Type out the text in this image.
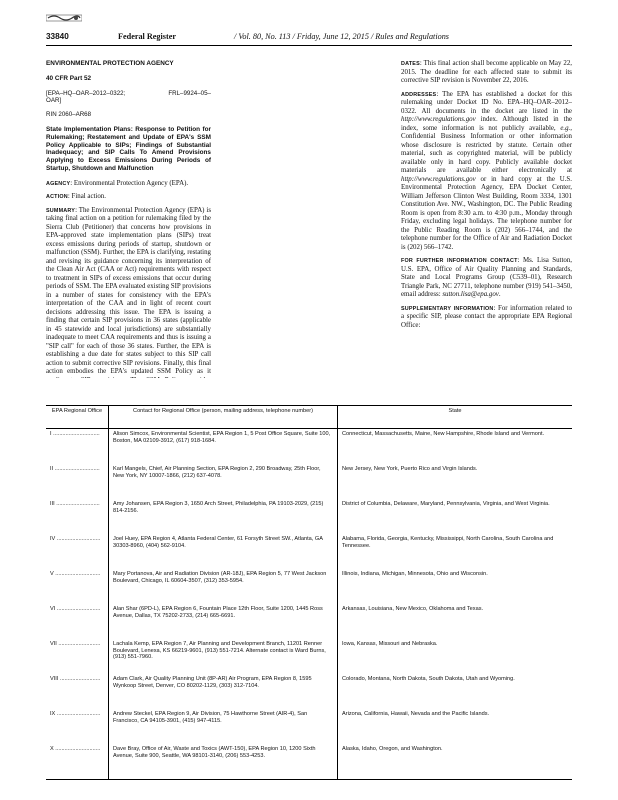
33840	Federal Register	/ Vol. 80, No. 113 / Friday, June 12, 2015 / Rules and Regulations
ENVIRONMENTAL PROTECTION AGENCY
40 CFR Part 52
[EPA–HQ–OAR–2012–0322;	FRL–9924–05–

OAR]
RIN 2060–AR68
State Implementation Plans: Response to Petition for Rulemaking; Restatement and Update of EPA's SSM Policy Applicable to SIPs; Findings of Substantial Inadequacy; and SIP Calls To Amend Provisions Applying to Excess Emissions During Periods of Startup, Shutdown and Malfunction

AGENCY: Environmental Protection Agency (EPA).

ACTION: Final action.

SUMMARY: The Environmental Protection Agency (EPA) is taking final action on a petition for rulemaking filed by the Sierra Club (Petitioner) that concerns how provisions in EPA-approved state implementation plans (SIPs) treat excess emissions during periods of startup, shutdown or malfunction (SSM). Further, the EPA is clarifying, restating and revising its guidance concerning its interpretation of the Clean Air Act (CAA or Act) requirements with respect to treatment in SIPs of excess emissions that occur during periods of SSM. The EPA evaluated existing SIP provisions in a number of states for consistency with the EPA's interpretation of the CAA and in light of recent court decisions addressing this issue. The EPA is issuing a finding that certain SIP provisions in 36 states (applicable in 45 statewide and local jurisdictions) are substantially inadequate to meet CAA requirements and thus is issuing a "SIP call" for each of those 36 states. Further, the EPA is establishing a due date for states subject to this SIP call action to submit corrective SIP revisions. Finally, this final action embodies the EPA's updated SSM Policy as it

DATES: This final action shall become applicable on May 22, 2015. The deadline for each affected state to submit its corrective SIP revision is November 22, 2016.

ADDRESSES: The EPA has established a docket for this rulemaking under Docket ID No. EPA–HQ–OAR–2012–0322. All documents in the docket are listed in the http://www.regulations.gov index. Although listed in the index, some information is not publicly available, e.g., Confidential Business Information or other information whose disclosure is restricted by statute. Certain other material, such as copyrighted material, will be publicly available only in hard copy. Publicly available docket materials are available either electronically at http://www.regulations.gov or in hard copy at the U.S. Environmental Protection Agency, EPA Docket Center, William Jefferson Clinton West Building, Room 3334, 1301 Constitution Ave. NW., Washington, DC. The Public Reading Room is open from 8:30 a.m. to 4:30 p.m., Monday through Friday, excluding legal holidays. The telephone number for the Public Reading Room is (202) 566–1744, and the telephone number for the Office of Air and Radiation Docket is (202) 566–1742.

FOR FURTHER INFORMATION CONTACT: Ms. Lisa Sutton, U.S. EPA, Office of Air Quality Planning and Standards, State and Local Programs Group (C539–01), Research Triangle Park, NC 27711, telephone number (919) 541–3450, email address: sutton.lisa@epa.gov.

SUPPLEMENTARY INFORMATION: For information related to a specific SIP, please contact the appropriate EPA Regional Office:

EPA Regional Office	Contact for Regional Office (person, mailing address, telephone number)	State
I ..............................	Alison Simcox, Environmental Scientist, EPA Region 1, 5 Post Office Square, Suite 100, Boston, MA 02109-3912, (617) 918-1684.	Connecticut, Massachusetts, Maine, New Hampshire, Rhode Island and Vermont.
II .............................	Karl Mangels, Chief, Air Planning Section, EPA Region 2, 290 Broadway, 25th Floor, New York, NY 10007-1866, (212) 637-4078.	New Jersey, New York, Puerto Rico and Virgin Islands.
III ............................	Amy Johansen, EPA Region 3, 1650 Arch Street, Philadelphia, PA 19103-2029, (215) 814-2156.	District of Columbia, Delaware, Maryland, Pennsylvania, Virginia, and West Virginia.
IV ............................	Joel Huey, EPA Region 4, Atlanta Federal Center, 61 Forsyth Street SW., Atlanta, GA 30303-8960, (404) 562-9104.	Alabama, Florida, Georgia, Kentucky, Mississippi, North Carolina, South Carolina and Tennessee.
V .............................	Mary Portanova, Air and Radiation Division (AR-18J), EPA Region 5, 77 West Jackson Boulevard, Chicago, IL 60604-3507, (312) 353-5954.	Illinois, Indiana, Michigan, Minnesota, Ohio and Wisconsin.
VI ............................	Alan Shar (6PD-L), EPA Region 6, Fountain Place 12th Floor, Suite 1200, 1445 Ross Avenue, Dallas, TX 75202-2733, (214) 665-6691.	Arkansas, Louisiana, New Mexico, Oklahoma and Texas.
VII ...........................	Lachala Kemp, EPA Region 7, Air Planning and Development Branch, 11201 Renner Boulevard, Lenexa, KS 66219-9601, (913) 551-7214. Alternate contact is Ward Burns, (913) 551-7960.	Iowa, Kansas, Missouri and Nebraska.
VIII ..........................	Adam Clark, Air Quality Planning Unit (8P-AR) Air Program, EPA Region 8, 1595 Wynkoop Street, Denver, CO 80202-1129, (303) 312-7104.	Colorado, Montana, North Dakota, South Dakota, Utah and Wyoming.
IX ............................	Andrew Steckel, EPA Region 9, Air Division, 75 Hawthorne Street (AIR-4), San Francisco, CA 94105-3901, (415) 947-4115.	Arizona, California, Hawaii, Nevada and the Pacific Islands.
X .............................	Dave Bray, Office of Air, Waste and Toxics (AWT-150), EPA Region 10, 1200 Sixth Avenue, Suite 900, Seattle, WA 98101-3140, (206) 553-4253.	Alaska, Idaho, Oregon, and Washington.
